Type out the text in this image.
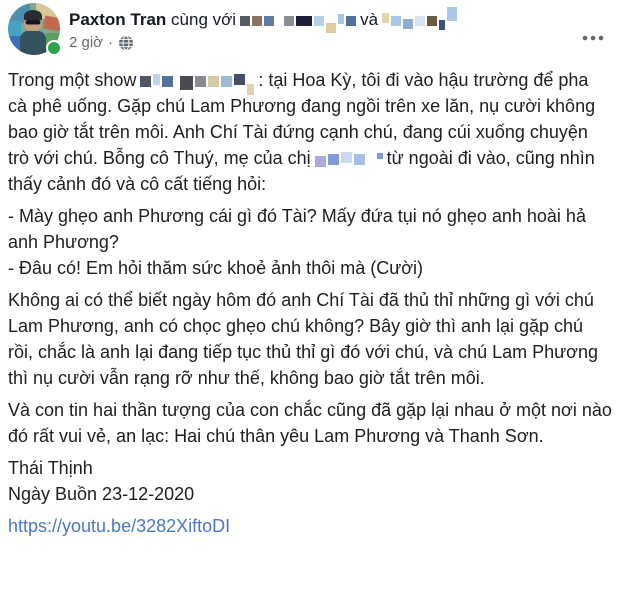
Paxton Tran cùng với	và
2 giờ ·

Trong một show	: tại Hoa Kỳ, tôi đi vào hậu trường để pha cà phê uống. Gặp chú Lam Phương đang ngồi trên xe lăn, nụ cười không bao giờ tắt trên môi. Anh Chí Tài đứng cạnh chú, đang cúi xuống chuyện trò với chú. Bỗng cô Thuý, mẹ của chị	từ ngoài đi vào, cũng nhìn thấy cảnh đó và cô cất tiếng hỏi:

- Mày ghẹo anh Phương cái gì đó Tài? Mấy đứa tụi nó ghẹo anh hoài hả anh Phương?
- Đâu có! Em hỏi thăm sức khoẻ ảnh thôi mà (Cười)

Không ai có thể biết ngày hôm đó anh Chí Tài đã thủ thỉ những gì với chú Lam Phương, anh có chọc ghẹo chú không? Bây giờ thì anh lại gặp chú rồi, chắc là anh lại đang tiếp tục thủ thỉ gì đó với chú, và chú Lam Phương thì nụ cười vẫn rạng rỡ như thế, không bao giờ tắt trên môi.

Và con tin hai thần tượng của con chắc cũng đã gặp lại nhau ở một nơi nào đó rất vui vẻ, an lạc: Hai chú thân yêu Lam Phương và Thanh Sơn.

Thái Thịnh
Ngày Buồn 23-12-2020

https://youtu.be/3282XiftoDI
